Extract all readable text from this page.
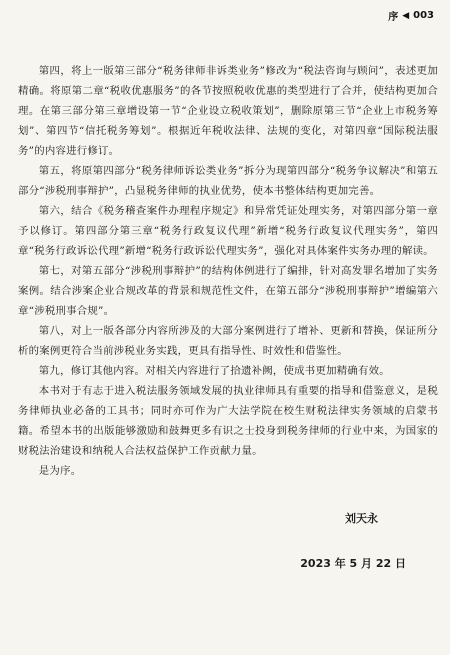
序 ◀ 003

第四，将上一版第三部分“税务律师非诉类业务”修改为“税法咨询与顾问”，表述更加精确。将原第二章“税收优惠服务”的各节按照税收优惠的类型进行了合并，使结构更加合理。在第三部分第三章增设第一节“企业设立税收策划”，删除原第三节“企业上市税务筹划”、第四节“信托税务筹划”。根据近年税收法律、法规的变化，对第四章“国际税法服务”的内容进行修订。

第五，将原第四部分“税务律师诉讼类业务”拆分为现第四部分“税务争议解决”和第五部分“涉税刑事辩护”，凸显税务律师的执业优势，使本书整体结构更加完善。

第六，结合《税务稽查案件办理程序规定》和异常凭证处理实务，对第四部分第一章予以修订。第四部分第三章“税务行政复议代理”新增“税务行政复议代理实务”，第四章“税务行政诉讼代理”新增“税务行政诉讼代理实务”，强化对具体案件实务办理的解读。

第七，对第五部分“涉税刑事辩护”的结构体例进行了编排，针对高发罪名增加了实务案例。结合涉案企业合规改革的背景和规范性文件，在第五部分“涉税刑事辩护”增编第六章“涉税刑事合规”。

第八，对上一版各部分内容所涉及的大部分案例进行了增补、更新和替换，保证所分析的案例更符合当前涉税业务实践，更具有指导性、时效性和借鉴性。

第九，修订其他内容。对相关内容进行了拾遗补阙，使成书更加精确有效。

本书对于有志于进入税法服务领域发展的执业律师具有重要的指导和借鉴意义，是税务律师执业必备的工具书；同时亦可作为广大法学院在校生财税法律实务领域的启蒙书籍。希望本书的出版能够激励和鼓舞更多有识之士投身到税务律师的行业中来，为国家的财税法治建设和纳税人合法权益保护工作贡献力量。

是为序。

刘天永
2023 年 5 月 22 日
